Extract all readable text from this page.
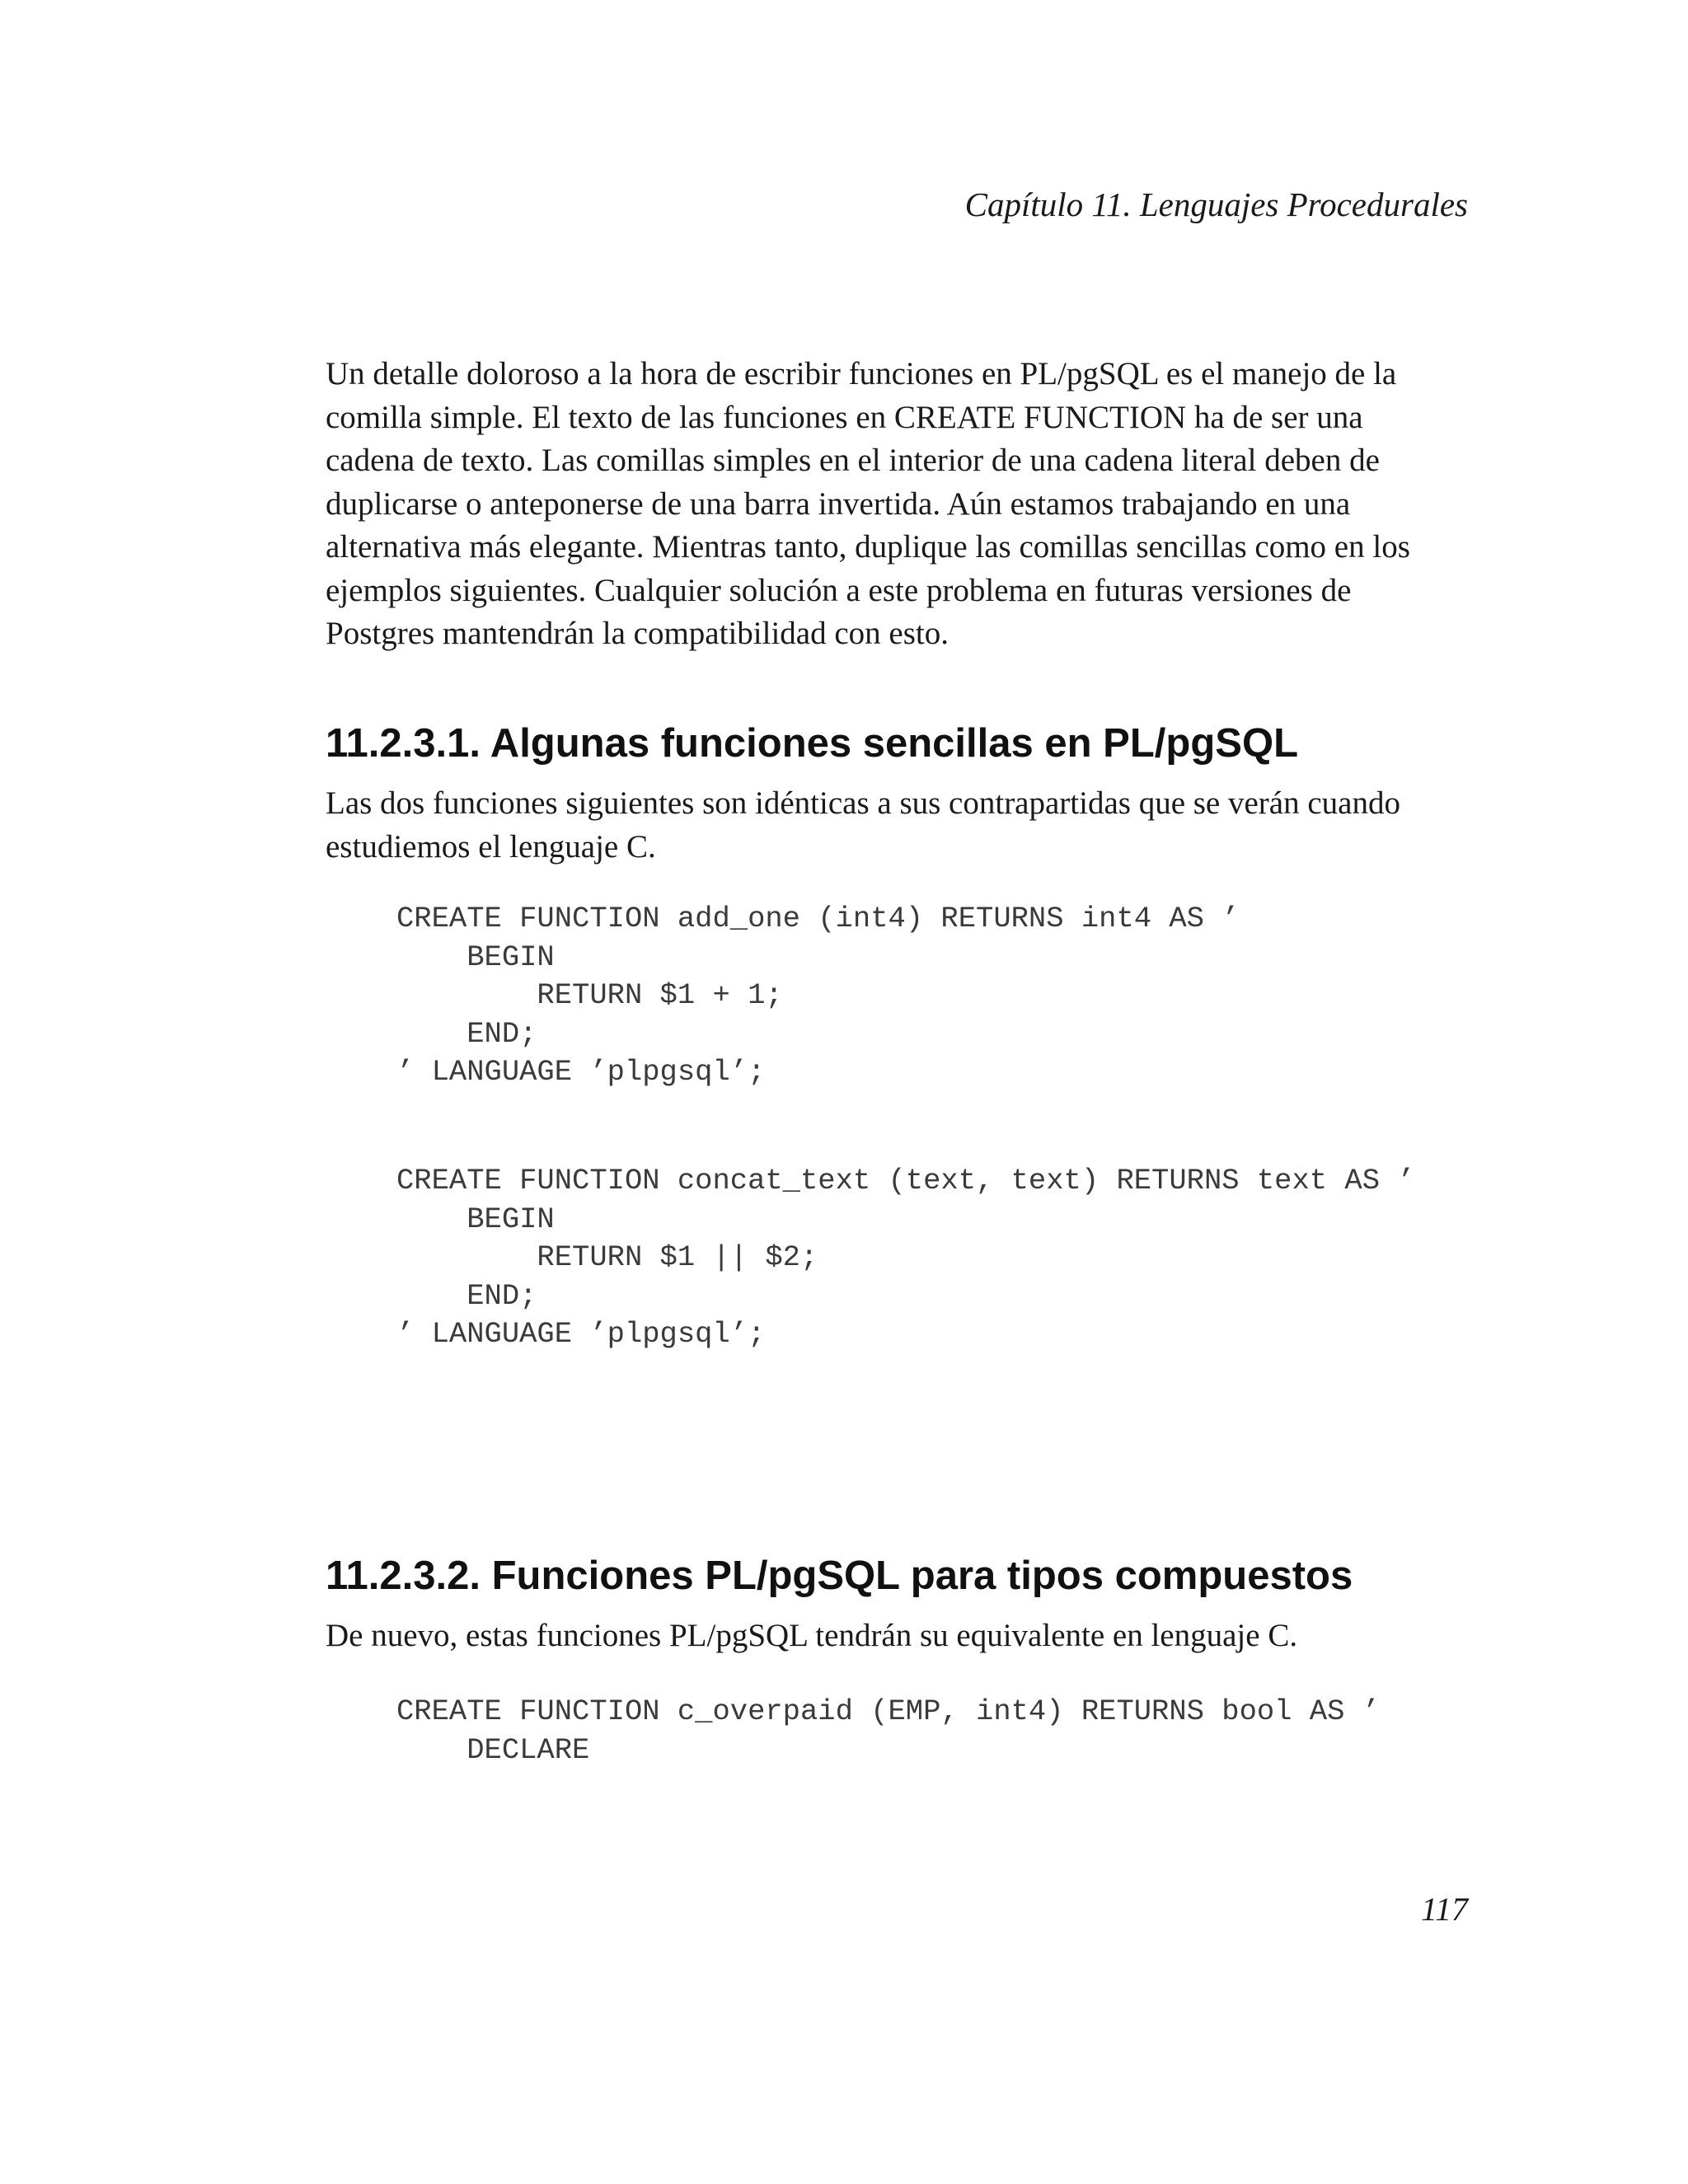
Capítulo 11. Lenguajes Procedurales

Un detalle doloroso a la hora de escribir funciones en PL/pgSQL es el manejo de la
comilla simple. El texto de las funciones en CREATE FUNCTION ha de ser una
cadena de texto. Las comillas simples en el interior de una cadena literal deben de
duplicarse o anteponerse de una barra invertida. Aún estamos trabajando en una
alternativa más elegante. Mientras tanto, duplique las comillas sencillas como en los
ejemplos siguientes. Cualquier solución a este problema en futuras versiones de
Postgres mantendrán la compatibilidad con esto.

11.2.3.1. Algunas funciones sencillas en PL/pgSQL

Las dos funciones siguientes son idénticas a sus contrapartidas que se verán cuando
estudiemos el lenguaje C.

CREATE FUNCTION add_one (int4) RETURNS int4 AS ’
BEGIN
RETURN $1 + 1;
END;
’ LANGUAGE ’plpgsql’;
CREATE FUNCTION concat_text (text, text) RETURNS text AS ’
BEGIN
RETURN $1 || $2;
END;
’ LANGUAGE ’plpgsql’;
11.2.3.2. Funciones PL/pgSQL para tipos compuestos

De nuevo, estas funciones PL/pgSQL tendrán su equivalente en lenguaje C.

CREATE FUNCTION c_overpaid (EMP, int4) RETURNS bool AS ’
DECLARE
117
